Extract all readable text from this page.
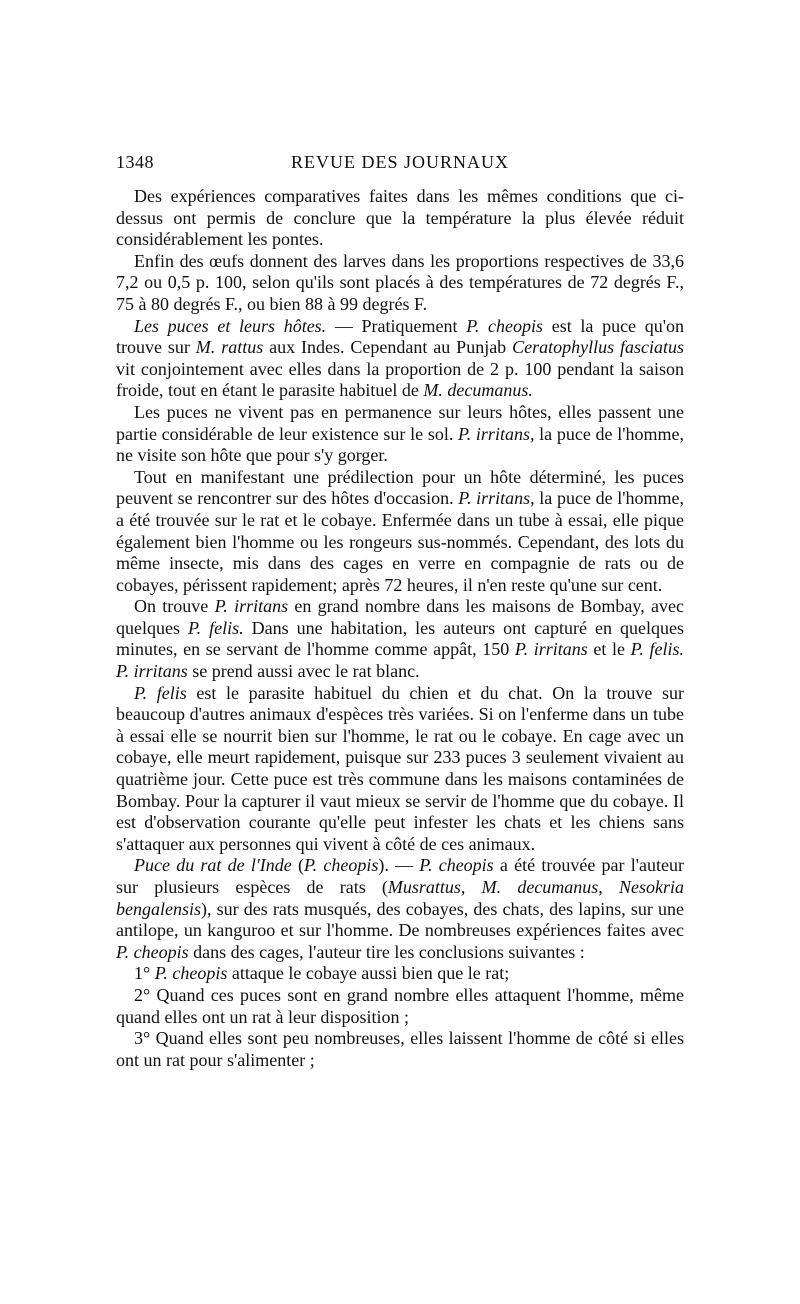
1348	REVUE DES JOURNAUX

Des expériences comparatives faites dans les mêmes conditions que ci-dessus ont permis de conclure que la température la plus élevée réduit considérablement les pontes.

Enfin des œufs donnent des larves dans les proportions respectives de 33,6 7,2 ou 0,5 p. 100, selon qu'ils sont placés à des températures de 72 degrés F., 75 à 80 degrés F., ou bien 88 à 99 degrés F.

Les puces et leurs hôtes. — Pratiquement P. cheopis est la puce qu'on trouve sur M. rattus aux Indes. Cependant au Punjab Ceratophyllus fasciatus vit conjointement avec elles dans la proportion de 2 p. 100 pendant la saison froide, tout en étant le parasite habituel de M. decumanus.

Les puces ne vivent pas en permanence sur leurs hôtes, elles passent une partie considérable de leur existence sur le sol. P. irritans, la puce de l'homme, ne visite son hôte que pour s'y gorger.

Tout en manifestant une prédilection pour un hôte déterminé, les puces peuvent se rencontrer sur des hôtes d'occasion. P. irritans, la puce de l'homme, a été trouvée sur le rat et le cobaye. Enfermée dans un tube à essai, elle pique également bien l'homme ou les rongeurs sus-nommés. Cependant, des lots du même insecte, mis dans des cages en verre en compagnie de rats ou de cobayes, périssent rapidement; après 72 heures, il n'en reste qu'une sur cent.

On trouve P. irritans en grand nombre dans les maisons de Bombay, avec quelques P. felis. Dans une habitation, les auteurs ont capturé en quelques minutes, en se servant de l'homme comme appât, 150 P. irritans et le P. felis. P. irritans se prend aussi avec le rat blanc.

P. felis est le parasite habituel du chien et du chat. On la trouve sur beaucoup d'autres animaux d'espèces très variées. Si on l'enferme dans un tube à essai elle se nourrit bien sur l'homme, le rat ou le cobaye. En cage avec un cobaye, elle meurt rapidement, puisque sur 233 puces 3 seulement vivaient au quatrième jour. Cette puce est très commune dans les maisons contaminées de Bombay. Pour la capturer il vaut mieux se servir de l'homme que du cobaye. Il est d'observation courante qu'elle peut infester les chats et les chiens sans s'attaquer aux personnes qui vivent à côté de ces animaux.

Puce du rat de l'Inde (P. cheopis). — P. cheopis a été trouvée par l'auteur sur plusieurs espèces de rats (Musrattus, M. decumanus, Nesokria bengalensis), sur des rats musqués, des cobayes, des chats, des lapins, sur une antilope, un kanguroo et sur l'homme. De nombreuses expériences faites avec P. cheopis dans des cages, l'auteur tire les conclusions suivantes :

1° P. cheopis attaque le cobaye aussi bien que le rat;

2° Quand ces puces sont en grand nombre elles attaquent l'homme, même quand elles ont un rat à leur disposition ;

3° Quand elles sont peu nombreuses, elles laissent l'homme de côté si elles ont un rat pour s'alimenter ;
